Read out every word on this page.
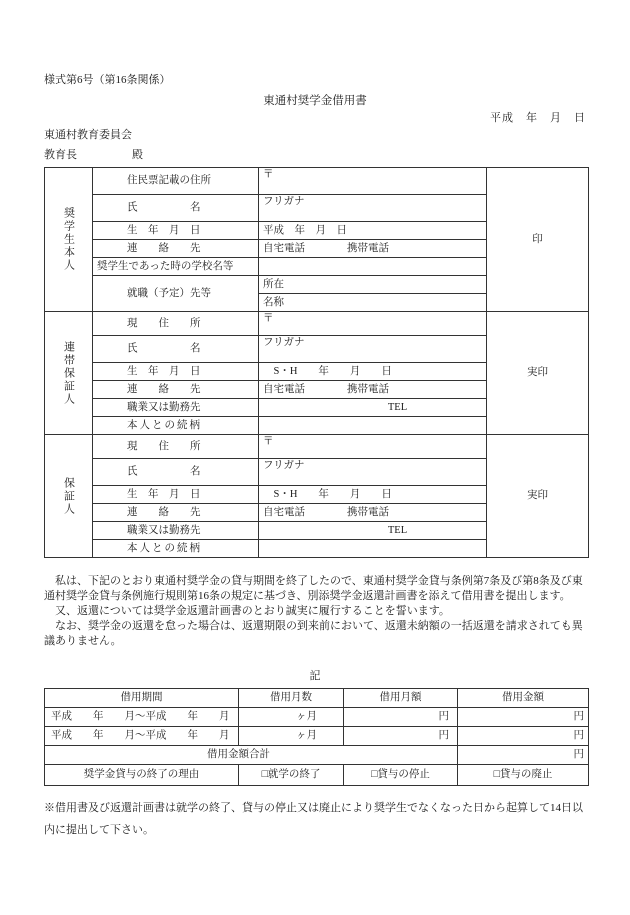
様式第6号（第16条関係）
東通村奨学金借用書
平成　年　月　日
東通村教育委員会
教育長　　　　　殿
奨学生本人	住民票記載の住所	〒	印
	氏　　　　　名	フリガナ	
	生　年　月　日	平成　年　月　日	
	連　　絡　　先	自宅電話　　　　携帯電話	
	奨学生であった時の学校名等		
	就職（予定）先等	所在	
		名称	
連帯保証人	現　　住　　所	〒	実印
	氏　　　　　名	フリガナ	
	生　年　月　日	　S・H　　年　　月　　日	
	連　　絡　　先	自宅電話　　　　携帯電話	
	職業又は勤務先	TEL	
	本人との続柄		
保証人	現　　住　　所	〒	実印
	氏　　　　　名	フリガナ	
	生　年　月　日	　S・H　　年　　月　　日	
	連　　絡　　先	自宅電話　　　　携帯電話	
	職業又は勤務先	TEL	
	本人との続柄		

私は、下記のとおり東通村奨学金の貸与期間を終了したので、東通村奨学金貸与条例第7条及び第8条及び東通村奨学金貸与条例施行規則第16条の規定に基づき、別添奨学金返還計画書を添えて借用書を提出します。

又、返還については奨学金返還計画書のとおり誠実に履行することを誓います。

なお、奨学金の返還を怠った場合は、返還期限の到来前において、返還未納額の一括返還を請求されても異議ありません。

記
借用期間	借用月数	借用月額	借用金額
平成　　年　　月〜平成　　年　　月	ヶ月	円	円
平成　　年　　月〜平成　　年　　月	ヶ月	円	円
借用金額合計			円
奨学金貸与の終了の理由	□就学の終了	□貸与の停止	□貸与の廃止
※借用書及び返還計画書は就学の終了、貸与の停止又は廃止により奨学生でなくなった日から起算して14日以内に提出して下さい。
